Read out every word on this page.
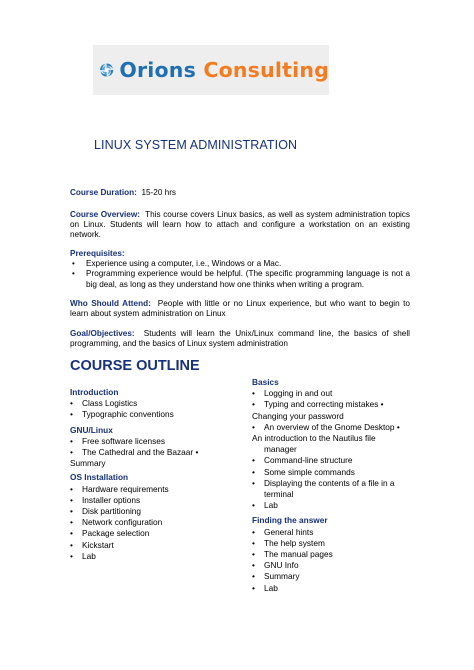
Orions Consulting
LINUX SYSTEM ADMINISTRATION
Course Duration: 15-20 hrs
Course Overview: This course covers Linux basics, as well as system administration topics on Linux. Students will learn how to attach and configure a workstation on an existing network.
Prerequisites:
• Experience using a computer, i.e., Windows or a Mac.
• Programming experience would be helpful. (The specific programming language is not a big deal, as long as they understand how one thinks when writing a program.
Who Should Attend: People with little or no Linux experience, but who want to begin to learn about system administration on Linux
Goal/Objectives: Students will learn the Unix/Linux command line, the basics of shell programming, and the basics of Linux system administration
COURSE OUTLINE
Introduction
• Class Logistics
• Typographic conventions
GNU/Linux
• Free software licenses
• The Cathedral and the Bazaar •
Summary
OS Installation
• Hardware requirements
• Installer options
• Disk partitioning
• Network configuration
• Package selection
• Kickstart
• Lab
Basics
• Logging in and out
• Typing and correcting mistakes •
Changing your password
• An overview of the Gnome Desktop •
An introduction to the Nautilus file
manager
• Command-line structure
• Some simple commands
• Displaying the contents of a file in a
terminal
• Lab
Finding the answer
• General hints
• The help system
• The manual pages
• GNU Info
• Summary
• Lab
